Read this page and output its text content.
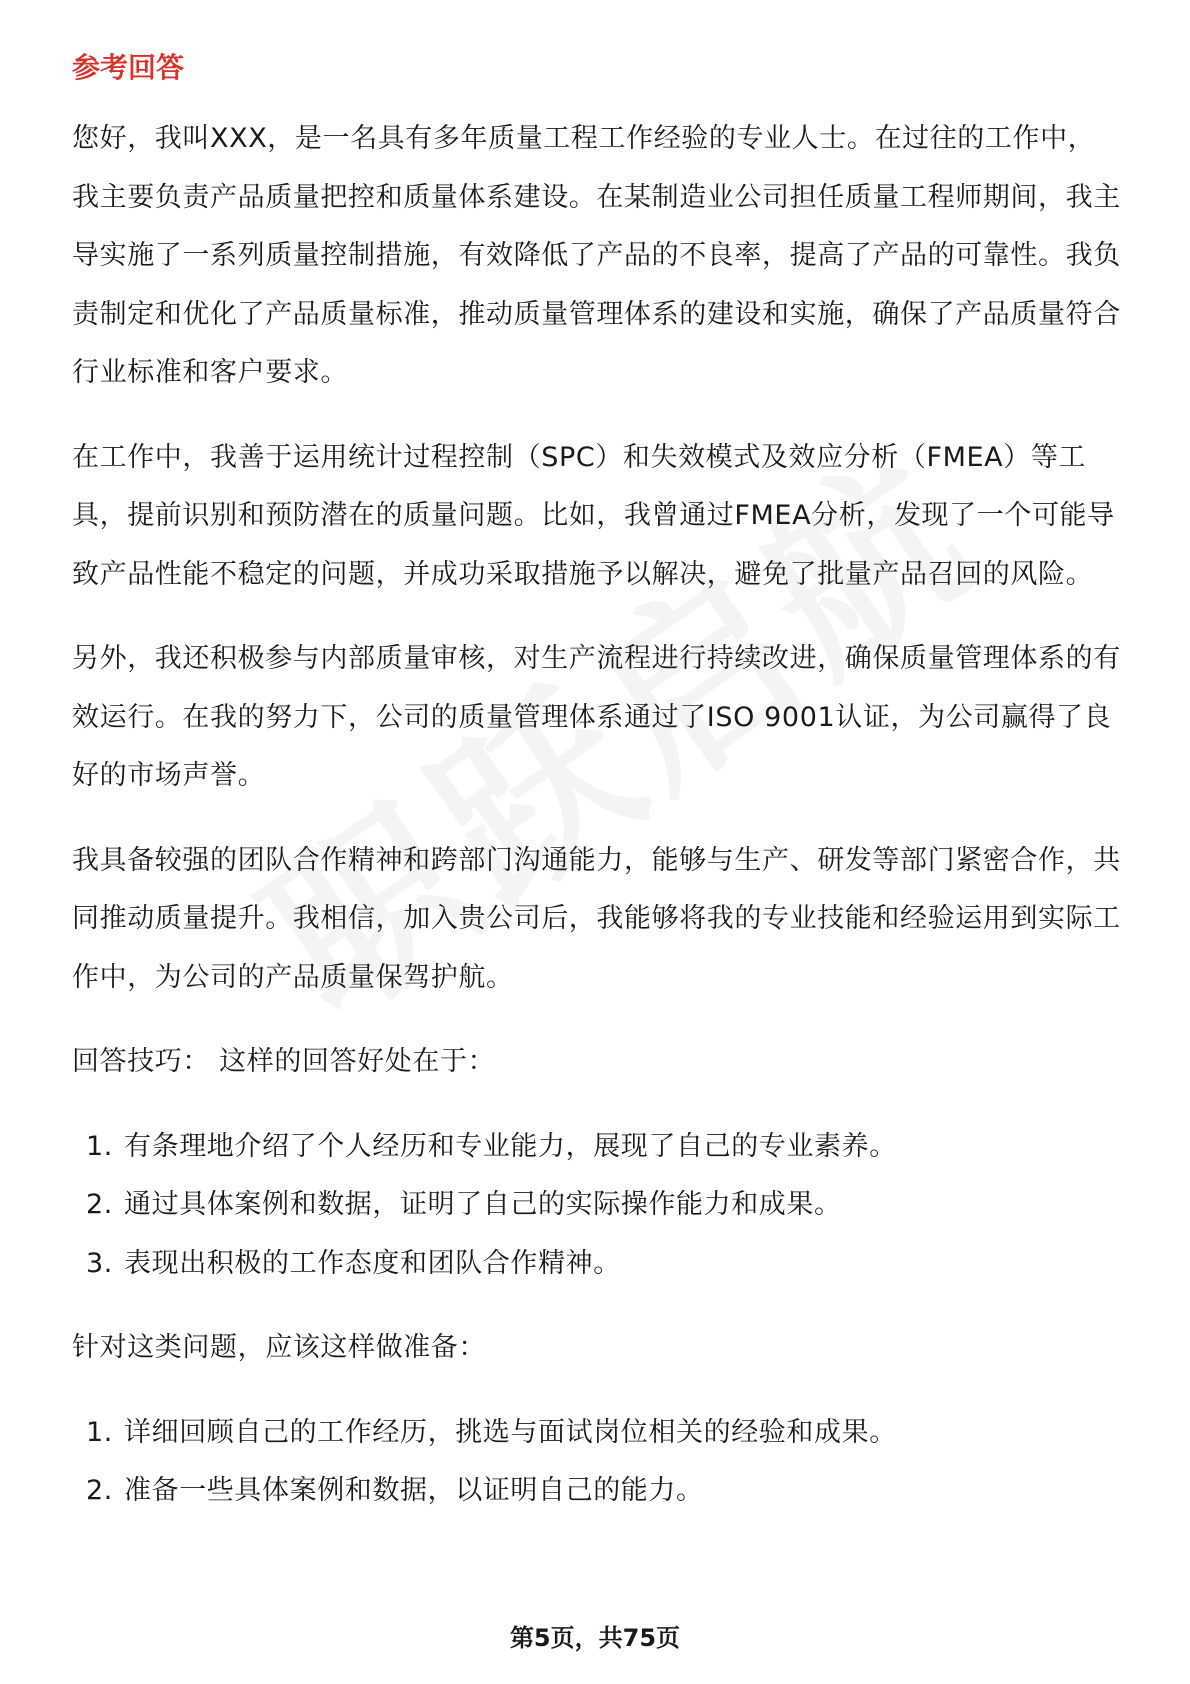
参考回答

您好，我叫XXX，是一名具有多年质量工程工作经验的专业人士。在过往的工作中，我主要负责产品质量把控和质量体系建设。在某制造业公司担任质量工程师期间，我主导实施了一系列质量控制措施，有效降低了产品的不良率，提高了产品的可靠性。我负责制定和优化了产品质量标准，推动质量管理体系的建设和实施，确保了产品质量符合行业标准和客户要求。

在工作中，我善于运用统计过程控制（SPC）和失效模式及效应分析（FMEA）等工具，提前识别和预防潜在的质量问题。比如，我曾通过FMEA分析，发现了一个可能导致产品性能不稳定的问题，并成功采取措施予以解决，避免了批量产品召回的风险。

另外，我还积极参与内部质量审核，对生产流程进行持续改进，确保质量管理体系的有效运行。在我的努力下，公司的质量管理体系通过了ISO 9001认证，为公司赢得了良好的市场声誉。

我具备较强的团队合作精神和跨部门沟通能力，能够与生产、研发等部门紧密合作，共同推动质量提升。我相信，加入贵公司后，我能够将我的专业技能和经验运用到实际工作中，为公司的产品质量保驾护航。

回答技巧： 这样的回答好处在于：

1. 有条理地介绍了个人经历和专业能力，展现了自己的专业素养。
2. 通过具体案例和数据，证明了自己的实际操作能力和成果。
3. 表现出积极的工作态度和团队合作精神。

针对这类问题，应该这样做准备：

1. 详细回顾自己的工作经历，挑选与面试岗位相关的经验和成果。
2. 准备一些具体案例和数据，以证明自己的能力。
第5页，共75页
